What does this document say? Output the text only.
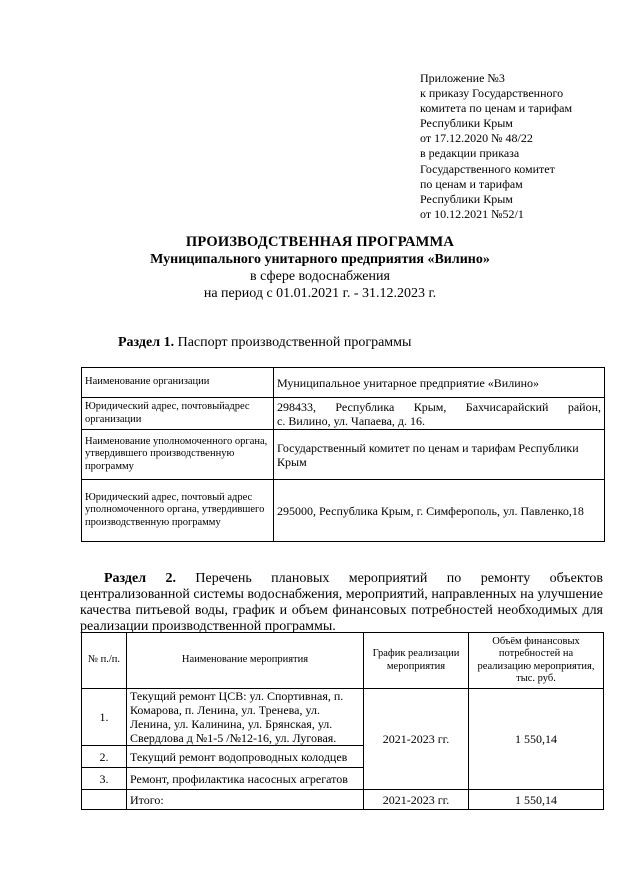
Приложение №3
к приказу Государственного
комитета по ценам и тарифам
Республики Крым
от 17.12.2020 № 48/22
в редакции приказа
Государственного комитет
по ценам и тарифам
Республики Крым
от 10.12.2021 №52/1
ПРОИЗВОДСТВЕННАЯ ПРОГРАММА
Муниципального унитарного предприятия «Вилино»
в сфере водоснабжения
на период с 01.01.2021 г. - 31.12.2023 г.
Раздел 1. Паспорт производственной программы
Наименование организации	Муниципальное унитарное предприятие «Вилино»
Юридический адрес, почтовыйадрес организации	298433, Республика Крым, Бахчисарайский район,
с. Вилино, ул. Чапаева, д. 16.

Наименование уполномоченного органа, утвердившего производственную программу	Государственный комитет по ценам и тарифам Республики Крым
Юридический адрес, почтовый адрес уполномоченного органа, утвердившего производственную программу	295000, Республика Крым, г. Симферополь, ул. Павленко,18

Раздел 2. Перечень плановых мероприятий по ремонту объектов централизованной системы водоснабжения, мероприятий, направленных на улучшение качества питьевой воды, график и объем финансовых потребностей необходимых для реализации производственной программы.

№ п./п.	Наименование мероприятия	График реализации мероприятия	Объём финансовых потребностей на реализацию мероприятия, тыс. руб.
1.	Текущий ремонт ЦСВ: ул. Спортивная, п. Комарова, п. Ленина, ул. Тренева, ул. Ленина, ул. Калинина, ул. Брянская, ул. Свердлова д №1-5 /№12-16, ул. Луговая.	2021-2023 гг.	1 550,14
2.	Текущий ремонт водопроводных колодцев		
3.	Ремонт, профилактика насосных агрегатов		
	Итого:	2021-2023 гг.	1 550,14
